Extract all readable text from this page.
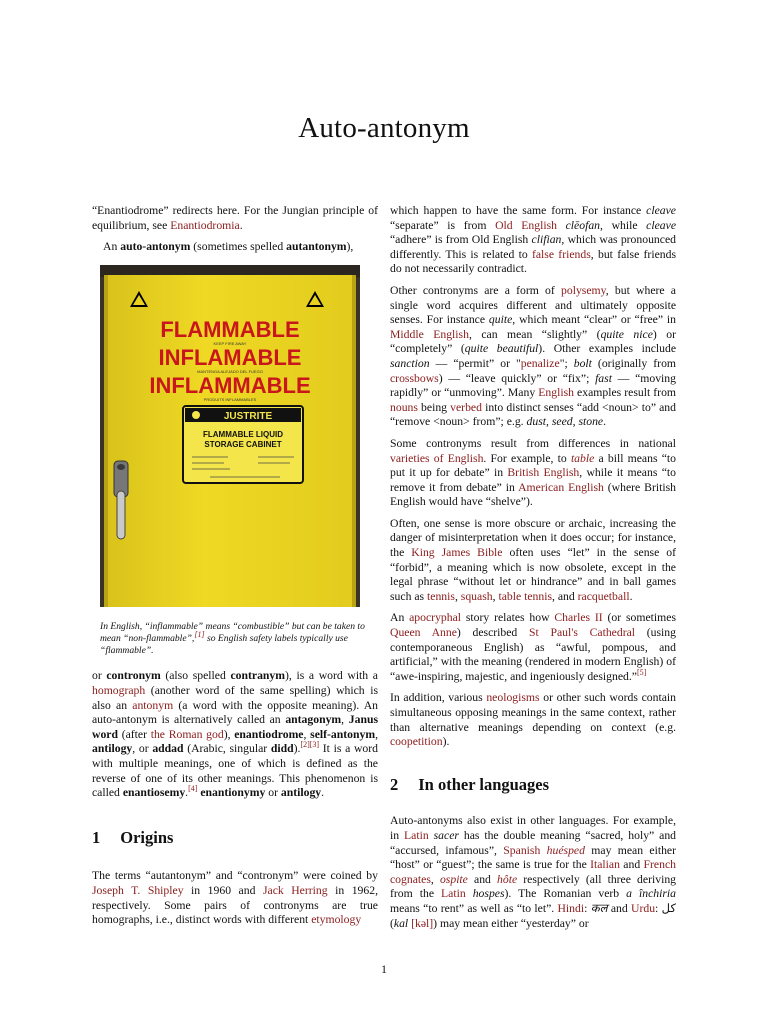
Auto-antonym

“Enantiodrome” redirects here. For the Jungian principle of equilibrium, see Enantiodromia.

An auto-antonym (sometimes spelled autantonym),

FLAMMABLE
KEEP FIRE AWAY
INFLAMABLE
MANTENGA ALEJADO DEL FUEGO
INFLAMMABLE
PRODUITS INFLAMMABLES
JUSTRITE
FLAMMABLE LIQUID
STORAGE CABINET
In English, “inflammable” means “combustible” but can be taken to mean “non-flammable”,[1] so English safety labels typically use “flammable”.

or contronym (also spelled contranym), is a word with a homograph (another word of the same spelling) which is also an antonym (a word with the opposite meaning). An auto-antonym is alternatively called an antagonym, Janus word (after the Roman god), enantiodrome, self-antonym, antilogy, or addad (Arabic, singular didd).[2][3] It is a word with multiple meanings, one of which is defined as the reverse of one of its other meanings. This phenomenon is called enantiosemy.[4] enantionymy or antilogy.

1 Origins

The terms “autantonym” and “contronym” were coined by Joseph T. Shipley in 1960 and Jack Herring in 1962, respectively. Some pairs of contronyms are true homographs, i.e., distinct words with different etymology

which happen to have the same form. For instance cleave “separate” is from Old English clēofan, while cleave “adhere” is from Old English clifian, which was pronounced differently. This is related to false friends, but false friends do not necessarily contradict.

Other contronyms are a form of polysemy, but where a single word acquires different and ultimately opposite senses. For instance quite, which meant “clear” or “free” in Middle English, can mean “slightly” (quite nice) or “completely” (quite beautiful). Other examples include sanction — “permit” or "penalize"; bolt (originally from crossbows) — “leave quickly” or “fix”; fast — “moving rapidly” or “unmoving”. Many English examples result from nouns being verbed into distinct senses “add <noun> to” and “remove <noun> from”; e.g. dust, seed, stone.

Some contronyms result from differences in national varieties of English. For example, to table a bill means “to put it up for debate” in British English, while it means “to remove it from debate” in American English (where British English would have “shelve”).

Often, one sense is more obscure or archaic, increasing the danger of misinterpretation when it does occur; for instance, the King James Bible often uses “let” in the sense of “forbid”, a meaning which is now obsolete, except in the legal phrase “without let or hindrance” and in ball games such as tennis, squash, table tennis, and racquetball.

An apocryphal story relates how Charles II (or sometimes Queen Anne) described St Paul's Cathedral (using contemporaneous English) as “awful, pompous, and artificial,” with the meaning (rendered in modern English) of “awe-inspiring, majestic, and ingeniously designed.”[5]

In addition, various neologisms or other such words contain simultaneous opposing meanings in the same context, rather than alternative meanings depending on context (e.g. coopetition).

2 In other languages

Auto-antonyms also exist in other languages. For example, in Latin sacer has the double meaning “sacred, holy” and “accursed, infamous”, Spanish huésped may mean either “host” or “guest”; the same is true for the Italian and French cognates, ospite and hôte respectively (all three deriving from the Latin hospes). The Romanian verb a închiria means “to rent” as well as “to let”. Hindi: कल and Urdu: کل (kal [kəl]) may mean either “yesterday” or

1
